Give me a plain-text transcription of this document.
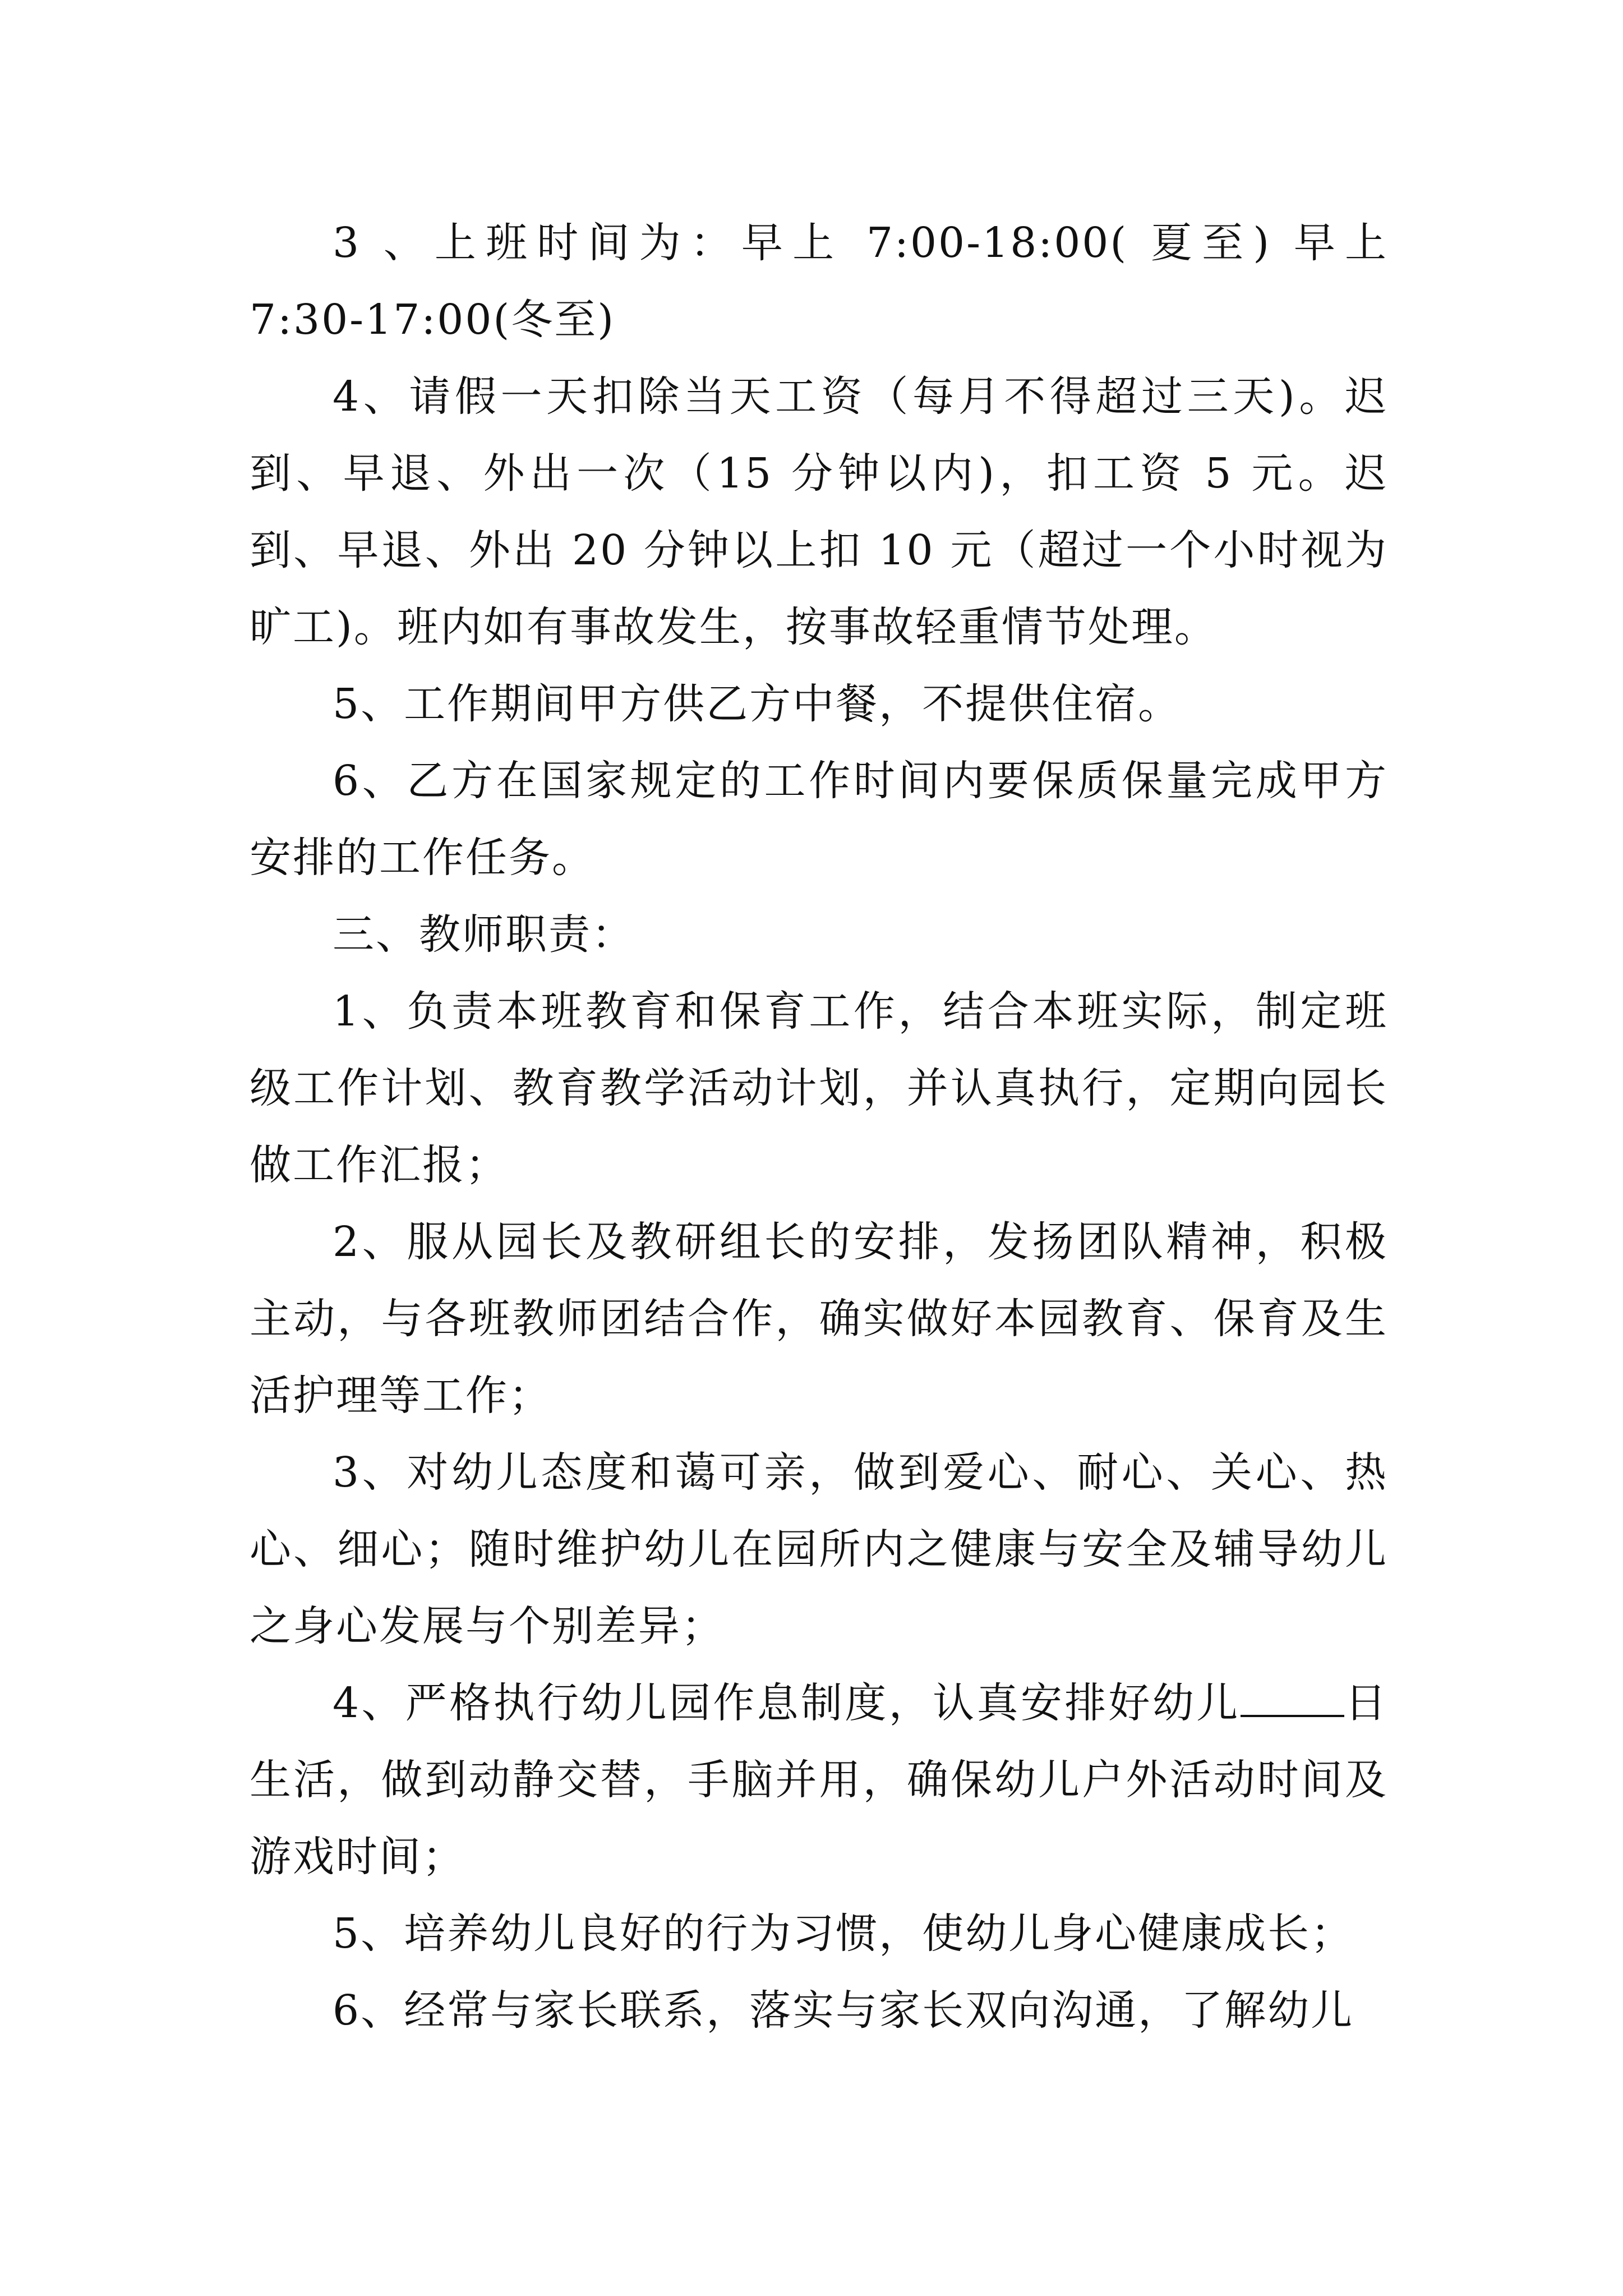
3 、上班时间为：早上 7:00-18:00( 夏至) 早上 7:30-17:00(冬至)

4、请假一天扣除当天工资（每月不得超过三天)。迟到、早退、外出一次（15 分钟以内)，扣工资 5 元。迟到、早退、外出 20 分钟以上扣 10 元（超过一个小时视为旷工)。班内如有事故发生，按事故轻重情节处理。

5、工作期间甲方供乙方中餐，不提供住宿。

6、乙方在国家规定的工作时间内要保质保量完成甲方安排的工作任务。

三、教师职责：

1、负责本班教育和保育工作，结合本班实际，制定班级工作计划、教育教学活动计划，并认真执行，定期向园长做工作汇报；

2、服从园长及教研组长的安排，发扬团队精神，积极主动，与各班教师团结合作，确实做好本园教育、保育及生活护理等工作；

3、对幼儿态度和蔼可亲，做到爱心、耐心、关心、热心、细心；随时维护幼儿在园所内之健康与安全及辅导幼儿之身心发展与个别差异；

4、严格执行幼儿园作息制度，认真安排好幼儿	日生活，做到动静交替，手脑并用，确保幼儿户外活动时间及游戏时间；

5、培养幼儿良好的行为习惯，使幼儿身心健康成长；

6、经常与家长联系，落实与家长双向沟通，了解幼儿
